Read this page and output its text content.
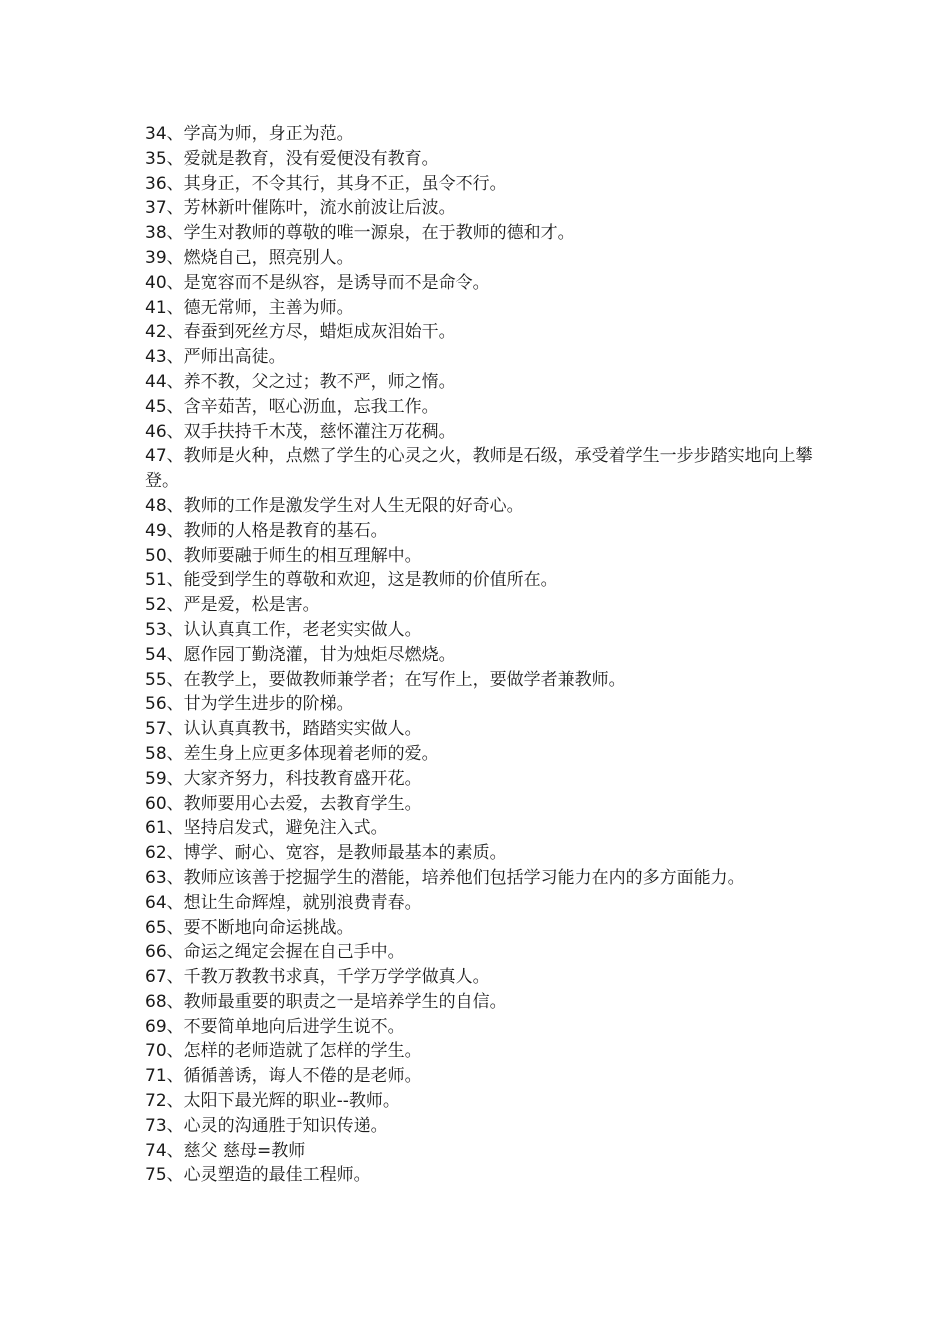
34、学高为师，身正为范。
35、爱就是教育，没有爱便没有教育。
36、其身正，不令其行，其身不正，虽令不行。
37、芳林新叶催陈叶，流水前波让后波。
38、学生对教师的尊敬的唯一源泉，在于教师的德和才。
39、燃烧自己，照亮别人。
40、是宽容而不是纵容，是诱导而不是命令。
41、德无常师，主善为师。
42、春蚕到死丝方尽，蜡炬成灰泪始干。
43、严师出高徒。
44、养不教，父之过；教不严，师之惰。
45、含辛茹苦，呕心沥血，忘我工作。
46、双手扶持千木茂，慈怀灌注万花稠。
47、教师是火种，点燃了学生的心灵之火，教师是石级，承受着学生一步步踏实地向上攀登。
48、教师的工作是激发学生对人生无限的好奇心。
49、教师的人格是教育的基石。
50、教师要融于师生的相互理解中。
51、能受到学生的尊敬和欢迎，这是教师的价值所在。
52、严是爱，松是害。
53、认认真真工作，老老实实做人。
54、愿作园丁勤浇灌，甘为烛炬尽燃烧。
55、在教学上，要做教师兼学者；在写作上，要做学者兼教师。
56、甘为学生进步的阶梯。
57、认认真真教书，踏踏实实做人。
58、差生身上应更多体现着老师的爱。
59、大家齐努力，科技教育盛开花。
60、教师要用心去爱，去教育学生。
61、坚持启发式，避免注入式。
62、博学、耐心、宽容，是教师最基本的素质。
63、教师应该善于挖掘学生的潜能，培养他们包括学习能力在内的多方面能力。
64、想让生命辉煌，就别浪费青春。
65、要不断地向命运挑战。
66、命运之绳定会握在自己手中。
67、千教万教教书求真，千学万学学做真人。
68、教师最重要的职责之一是培养学生的自信。
69、不要简单地向后进学生说不。
70、怎样的老师造就了怎样的学生。
71、循循善诱，诲人不倦的是老师。
72、太阳下最光辉的职业--教师。
73、心灵的沟通胜于知识传递。
74、慈父 慈母=教师
75、心灵塑造的最佳工程师。
